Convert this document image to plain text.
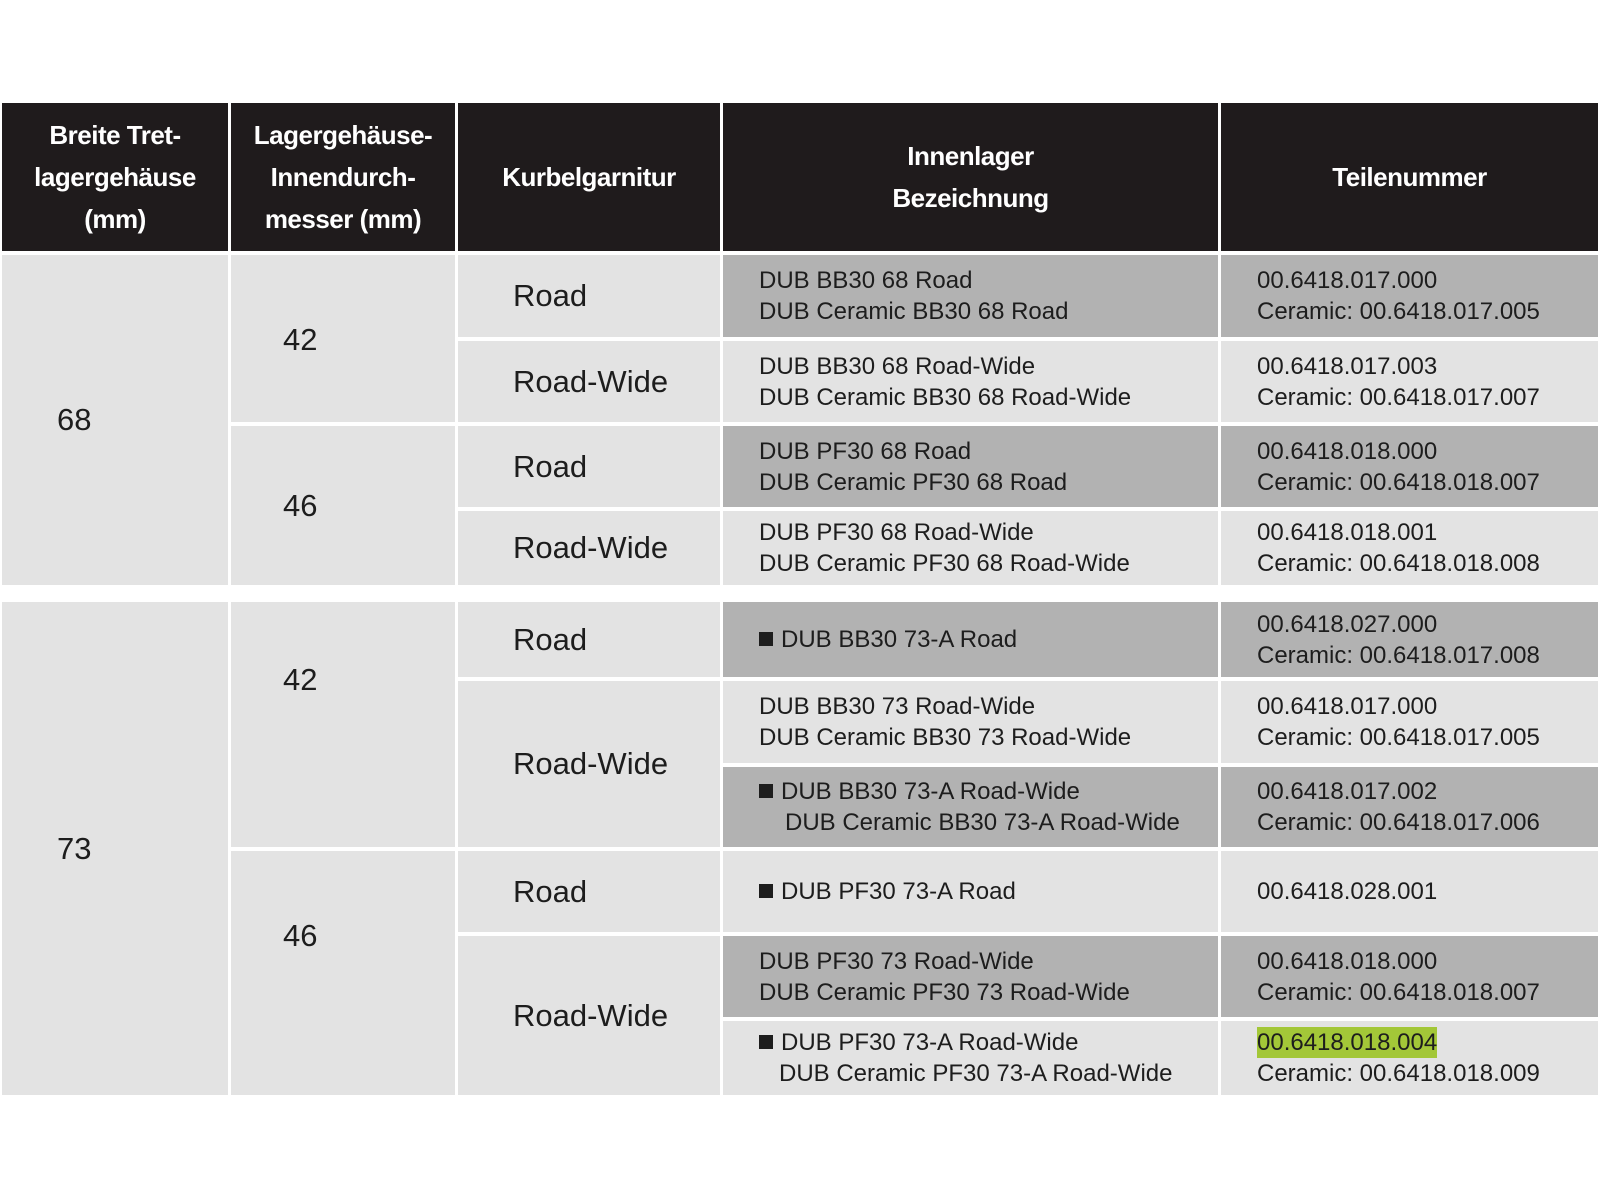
Breite Tret-
lagergehäuse
(mm)
Lagergehäuse-
Innendurch-
messer (mm)
Kurbelgarnitur
Innenlager
Bezeichnung
Teilenummer
68
42
46
Road
Road-Wide
Road
Road-Wide
DUB BB30 68 Road
DUB Ceramic BB30 68 Road
00.6418.017.000
Ceramic: 00.6418.017.005
DUB BB30 68 Road-Wide
DUB Ceramic BB30 68 Road-Wide
00.6418.017.003
Ceramic: 00.6418.017.007
DUB PF30 68 Road
DUB Ceramic PF30 68 Road
00.6418.018.000
Ceramic: 00.6418.018.007
DUB PF30 68 Road-Wide
DUB Ceramic PF30 68 Road-Wide
00.6418.018.001
Ceramic: 00.6418.018.008
73
42
46
Road
Road-Wide
Road
Road-Wide
DUB BB30 73-A Road
00.6418.027.000
Ceramic: 00.6418.017.008
DUB BB30 73 Road-Wide
DUB Ceramic BB30 73 Road-Wide
00.6418.017.000
Ceramic: 00.6418.017.005
DUB BB30 73-A Road-Wide
DUB Ceramic BB30 73-A Road-Wide
00.6418.017.002
Ceramic: 00.6418.017.006
DUB PF30 73-A Road	00.6418.028.001
DUB PF30 73 Road-Wide
DUB Ceramic PF30 73 Road-Wide
00.6418.018.000
Ceramic: 00.6418.018.007
DUB PF30 73-A Road-Wide
DUB Ceramic PF30 73-A Road-Wide
00.6418.018.004
Ceramic: 00.6418.018.009
